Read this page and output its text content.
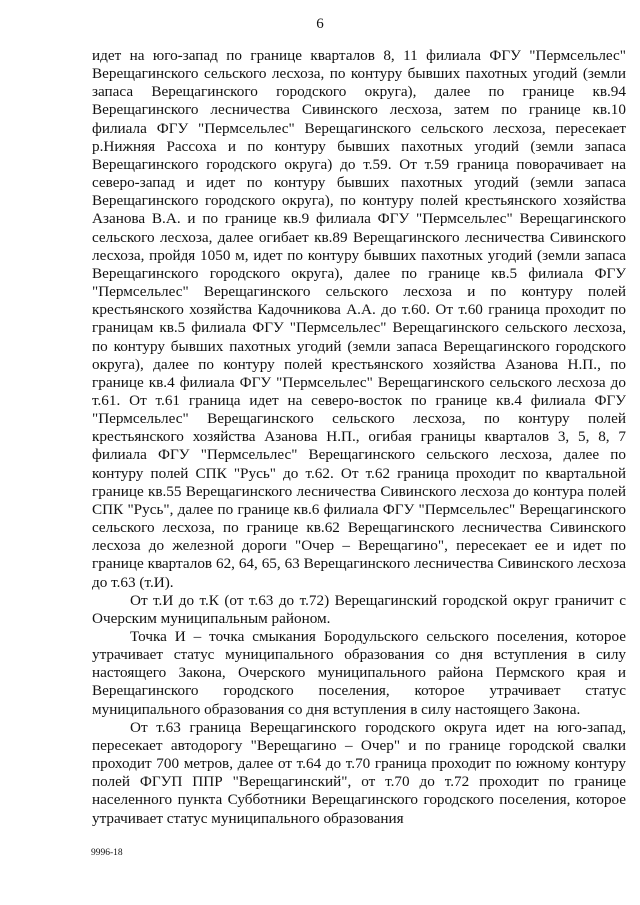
6

идет на юго-запад по границе кварталов 8, 11 филиала ФГУ "Пермсельлес" Верещагинского сельского лесхоза, по контуру бывших пахотных угодий (земли запаса Верещагинского городского округа), далее по границе кв.94 Верещагинского лесничества Сивинского лесхоза, затем по границе кв.10 филиала ФГУ "Пермсельлес" Верещагинского сельского лесхоза, пересекает р.Нижняя Рассоха и по контуру бывших пахотных угодий (земли запаса Верещагинского городского округа) до т.59. От т.59 граница поворачивает на северо-запад и идет по контуру бывших пахотных угодий (земли запаса Верещагинского городского округа), по контуру полей крестьянского хозяйства Азанова В.А. и по границе кв.9 филиала ФГУ "Пермсельлес" Верещагинского сельского лесхоза, далее огибает кв.89 Верещагинского лесничества Сивинского лесхоза, пройдя 1050 м, идет по контуру бывших пахотных угодий (земли запаса Верещагинского городского округа), далее по границе кв.5 филиала ФГУ "Пермсельлес" Верещагинского сельского лесхоза и по контуру полей крестьянского хозяйства Кадочникова А.А. до т.60. От т.60 граница проходит по границам кв.5 филиала ФГУ "Пермсельлес" Верещагинского сельского лесхоза, по контуру бывших пахотных угодий (земли запаса Верещагинского городского округа), далее по контуру полей крестьянского хозяйства Азанова Н.П., по границе кв.4 филиала ФГУ "Пермсельлес" Верещагинского сельского лесхоза до т.61. От т.61 граница идет на северо-восток по границе кв.4 филиала ФГУ "Пермсельлес" Верещагинского сельского лесхоза, по контуру полей крестьянского хозяйства Азанова Н.П., огибая границы кварталов 3, 5, 8, 7 филиала ФГУ "Пермсельлес" Верещагинского сельского лесхоза, далее по контуру полей СПК "Русь" до т.62. От т.62 граница проходит по квартальной границе кв.55 Верещагинского лесничества Сивинского лесхоза до контура полей СПК "Русь", далее по границе кв.6 филиала ФГУ "Пермсельлес" Верещагинского сельского лесхоза, по границе кв.62 Верещагинского лесничества Сивинского лесхоза до железной дороги "Очер – Верещагино", пересекает ее и идет по границе кварталов 62, 64, 65, 63 Верещагинского лесничества Сивинского лесхоза до т.63 (т.И).

От т.И до т.К (от т.63 до т.72) Верещагинский городской округ граничит с Очерским муниципальным районом.

Точка И – точка смыкания Бородульского сельского поселения, которое утрачивает статус муниципального образования со дня вступления в силу настоящего Закона, Очерского муниципального района Пермского края и Верещагинского городского поселения, которое утрачивает статус муниципального образования со дня вступления в силу настоящего Закона.

От т.63 граница Верещагинского городского округа идет на юго-запад, пересекает автодорогу "Верещагино – Очер" и по границе городской свалки проходит 700 метров, далее от т.64 до т.70 граница проходит по южному контуру полей ФГУП ППР "Верещагинский", от т.70 до т.72 проходит по границе населенного пункта Субботники Верещагинского городского поселения, которое утрачивает статус муниципального образования

9996-18
